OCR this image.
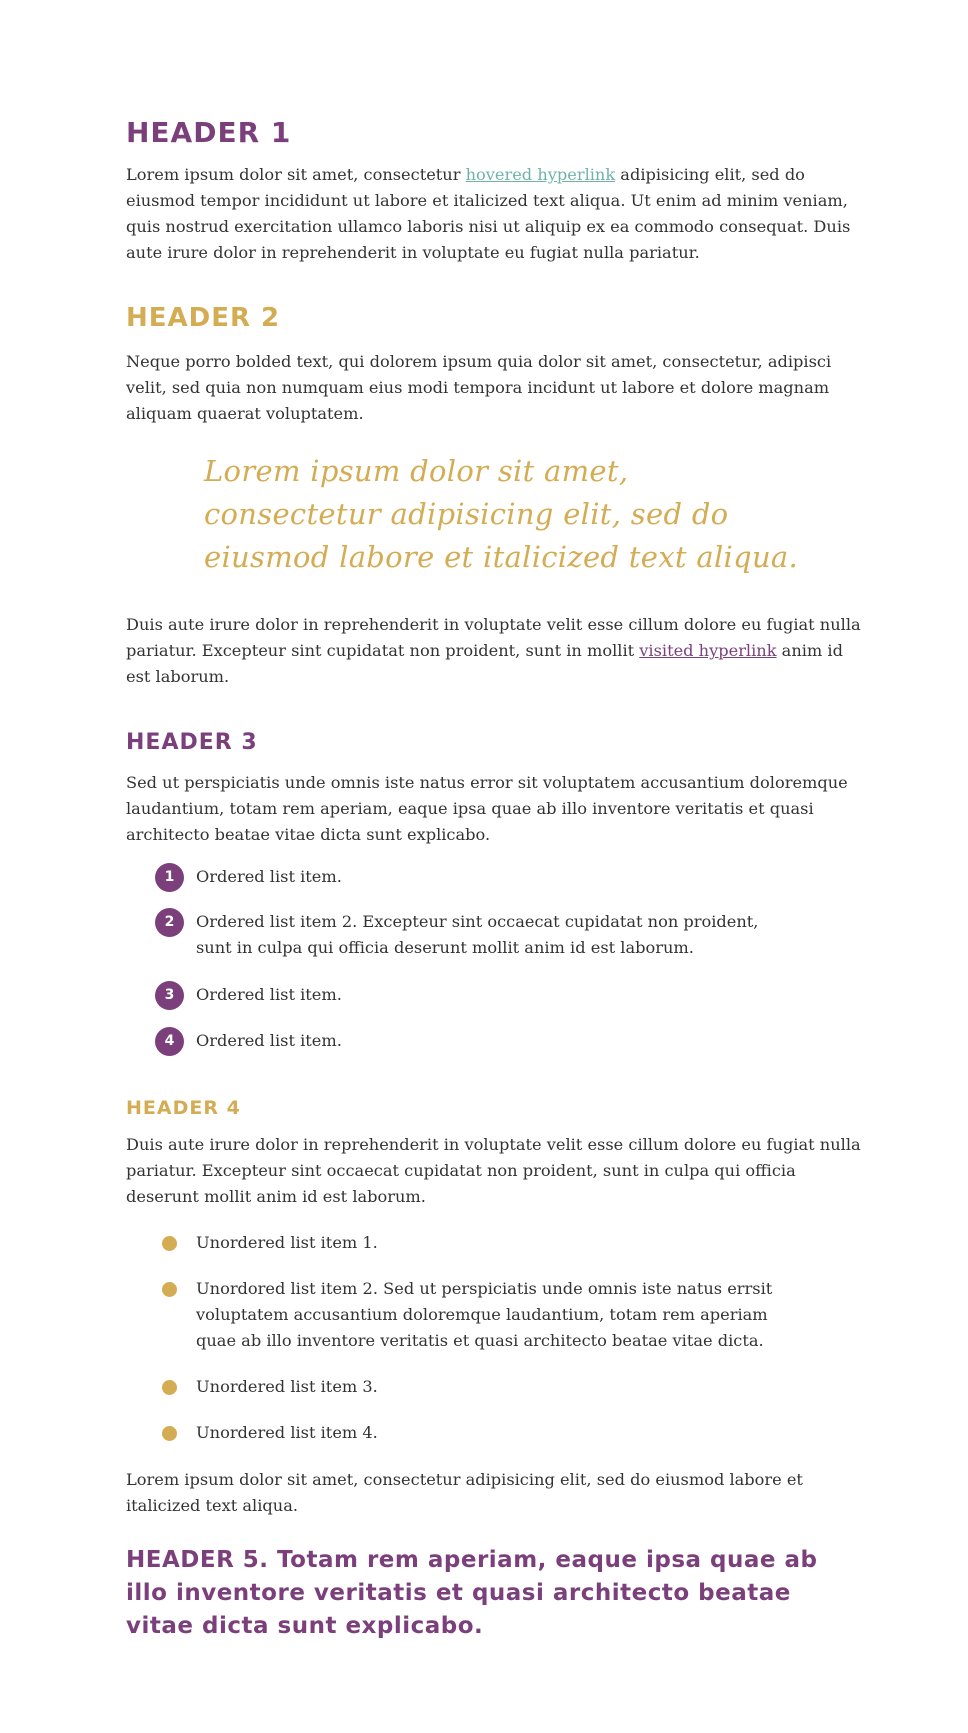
HEADER 1
Lorem ipsum dolor sit amet, consectetur hovered hyperlink adipisicing elit, sed do eiusmod tempor incididunt ut labore et italicized text aliqua. Ut enim ad minim veniam, quis nostrud exercitation ullamco laboris nisi ut aliquip ex ea commodo consequat. Duis aute irure dolor in reprehenderit in voluptate eu fugiat nulla pariatur.
HEADER 2
Neque porro bolded text, qui dolorem ipsum quia dolor sit amet, consectetur, adipisci velit, sed quia non numquam eius modi tempora incidunt ut labore et dolore magnam aliquam quaerat voluptatem.
Lorem ipsum dolor sit amet, consectetur adipisicing elit, sed do eiusmod labore et italicized text aliqua.
Duis aute irure dolor in reprehenderit in voluptate velit esse cillum dolore eu fugiat nulla pariatur. Excepteur sint cupidatat non proident, sunt in mollit visited hyperlink anim id est laborum.
HEADER 3
Sed ut perspiciatis unde omnis iste natus error sit voluptatem accusantium doloremque laudantium, totam rem aperiam, eaque ipsa quae ab illo inventore veritatis et quasi architecto beatae vitae dicta sunt explicabo.
1	Ordered list item.
2	Ordered list item 2. Excepteur sint occaecat cupidatat non proident, sunt in culpa qui officia deserunt mollit anim id est laborum.
3	Ordered list item.
4	Ordered list item.
HEADER 4
Duis aute irure dolor in reprehenderit in voluptate velit esse cillum dolore eu fugiat nulla pariatur. Excepteur sint occaecat cupidatat non proident, sunt in culpa qui officia deserunt mollit anim id est laborum.
Unordered list item 1.
Unordored list item 2. Sed ut perspiciatis unde omnis iste natus errsit voluptatem accusantium doloremque laudantium, totam rem aperiam quae ab illo inventore veritatis et quasi architecto beatae vitae dicta.
Unordered list item 3.
Unordered list item 4.
Lorem ipsum dolor sit amet, consectetur adipisicing elit, sed do eiusmod labore et italicized text aliqua.
HEADER 5. Totam rem aperiam, eaque ipsa quae ab illo inventore veritatis et quasi architecto beatae vitae dicta sunt explicabo.
